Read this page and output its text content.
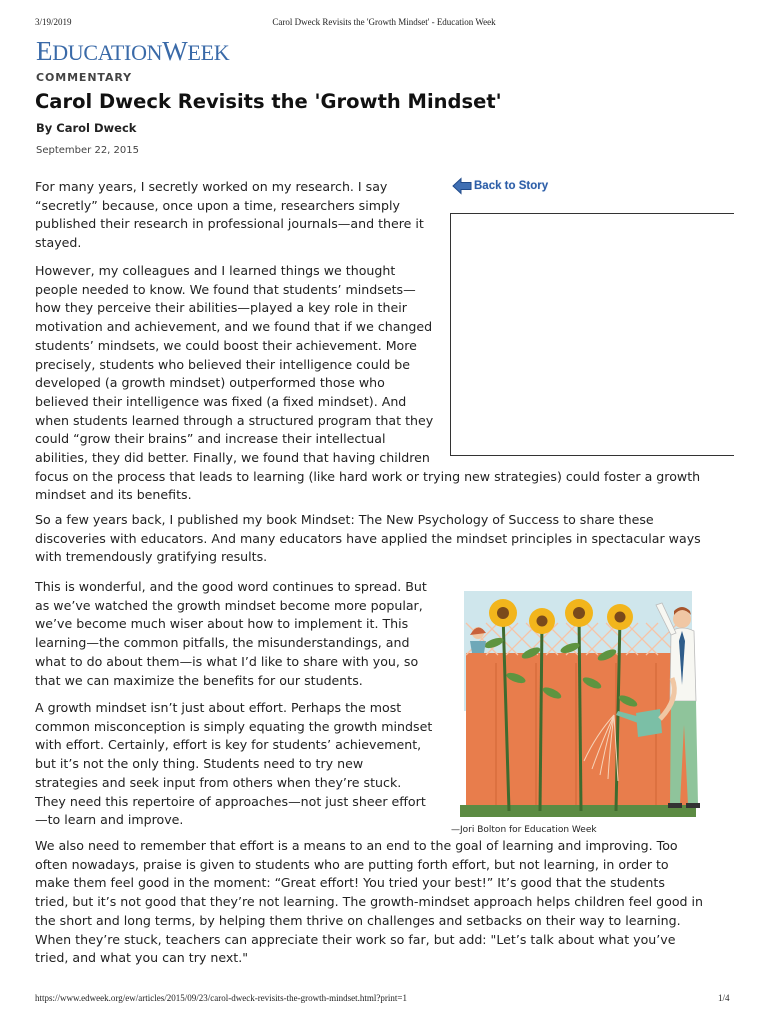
3/19/2019	Carol Dweck Revisits the 'Growth Mindset' - Education Week
EDUCATIONWEEK
COMMENTARY
Carol Dweck Revisits the 'Growth Mindset'
By Carol Dweck
September 22, 2015
Back to Story

For many years, I secretly worked on my research. I say
“secretly” because, once upon a time, researchers simply
published their research in professional journals—and there it
stayed.

However, my colleagues and I learned things we thought
people needed to know. We found that students’ mindsets—
how they perceive their abilities—played a key role in their
motivation and achievement, and we found that if we changed
students’ mindsets, we could boost their achievement. More
precisely, students who believed their intelligence could be
developed (a growth mindset) outperformed those who
believed their intelligence was fixed (a fixed mindset). And
when students learned through a structured program that they
could “grow their brains” and increase their intellectual
abilities, they did better. Finally, we found that having children
focus on the process that leads to learning (like hard work or trying new strategies) could foster a growth
mindset and its benefits.

So a few years back, I published my book Mindset: The New Psychology of Success to share these
discoveries with educators. And many educators have applied the mindset principles in spectacular ways
with tremendously gratifying results.

This is wonderful, and the good word continues to spread. But
as we’ve watched the growth mindset become more popular,
we’ve become much wiser about how to implement it. This
learning—the common pitfalls, the misunderstandings, and
what to do about them—is what I’d like to share with you, so
that we can maximize the benefits for our students.

A growth mindset isn’t just about effort. Perhaps the most
common misconception is simply equating the growth mindset
with effort. Certainly, effort is key for students’ achievement,
but it’s not the only thing. Students need to try new
strategies and seek input from others when they’re stuck.
They need this repertoire of approaches—not just sheer effort
—to learn and improve.

We also need to remember that effort is a means to an end to the goal of learning and improving. Too
often nowadays, praise is given to students who are putting forth effort, but not learning, in order to
make them feel good in the moment: “Great effort! You tried your best!” It’s good that the students
tried, but it’s not good that they’re not learning. The growth-mindset approach helps children feel good in
the short and long terms, by helping them thrive on challenges and setbacks on their way to learning.
When they’re stuck, teachers can appreciate their work so far, but add: "Let’s talk about what you’ve
tried, and what you can try next."

—Jori Bolton for Education Week
https://www.edweek.org/ew/articles/2015/09/23/carol-dweck-revisits-the-growth-mindset.html?print=1	1/4
